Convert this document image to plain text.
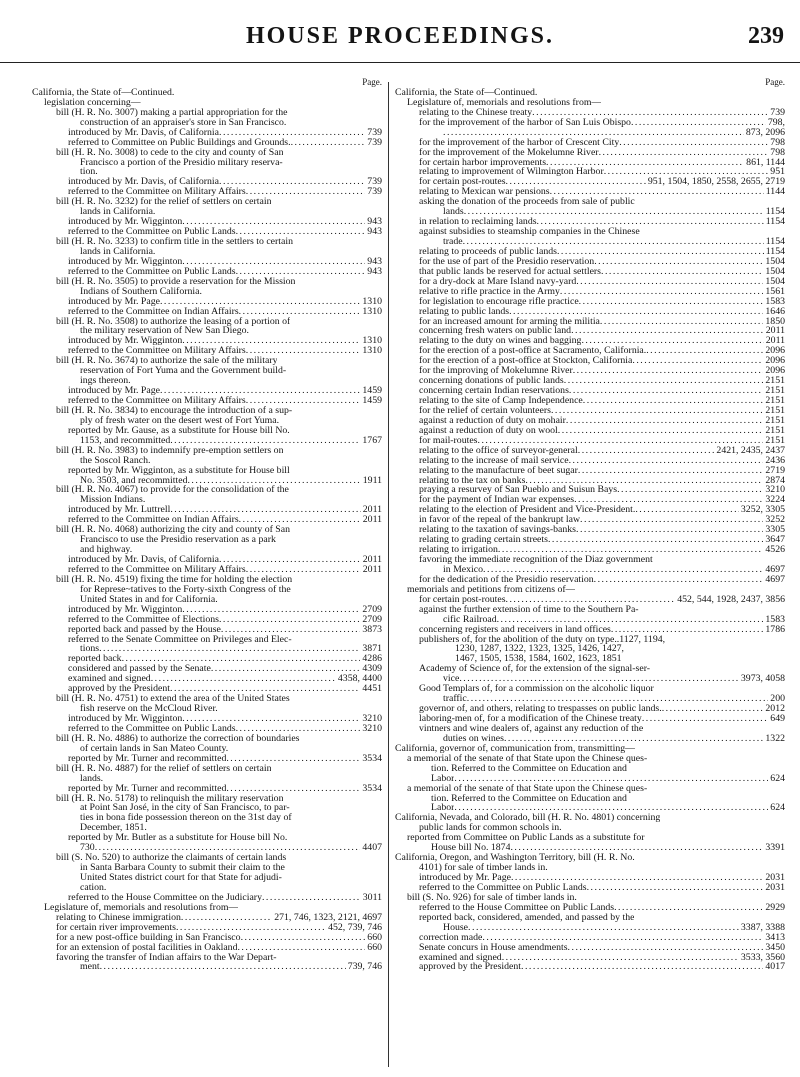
HOUSE PROCEEDINGS.	239
Page.
California, the State of—Continued.
legislation concerning—
bill (H. R. No. 3007) making a partial appropriation for the
construction of an appraiser's store in San Francisco.
introduced by Mr. Davis, of California .....	739
referred to Committee on Public Buildings and Grounds. .....	739
bill (H. R. No. 3008) to cede to the city and county of San
Francisco a portion of the Presidio military reserva-
tion.
introduced by Mr. Davis, of California .....	739
referred to the Committee on Military Affairs .....	739
bill (H. R. No. 3232) for the relief of settlers on certain
lands in California.
introduced by Mr. Wigginton .....	943
referred to the Committee on Public Lands .....	943
bill (H. R. No. 3233) to confirm title in the settlers to certain
lands in California.
introduced by Mr. Wigginton .....	943
referred to the Committee on Public Lands .....	943
bill (H. R. No. 3505) to provide a reservation for the Mission
Indians of Southern California.
introduced by Mr. Page .....	1310
referred to the Committee on Indian Affairs .....	1310
bill (H. R. No. 3508) to authorize the leasing of a portion of
the military reservation of New San Diego.
introduced by Mr. Wigginton .....	1310
referred to the Committee on Military Affairs .....	1310
bill (H. R. No. 3674) to authorize the sale of the military
reservation of Fort Yuma and the Government build-
ings thereon.
introduced by Mr. Page .....	1459
referred to the Committee on Military Affairs .....	1459
bill (H. R. No. 3834) to encourage the introduction of a sup-
ply of fresh water on the desert west of Fort Yuma.
reported by Mr. Gause, as a substitute for House bill No.
1153, and recommitted .....	1767
bill (H. R. No. 3983) to indemnify pre-emption settlers on
the Soscol Ranch.
reported by Mr. Wigginton, as a substitute for House bill
No. 3503, and recommitted .....	1911
bill (H. R. No. 4067) to provide for the consolidation of the
Mission Indians.
introduced by Mr. Luttrell .....	2011
referred to the Committee on Indian Affairs .....	2011
bill (H. R. No. 4068) authorizing the city and county of San
Francisco to use the Presidio reservation as a park
and highway.
introduced by Mr. Davis, of California .....	2011
referred to the Committee on Military Affairs .....	2011
bill (H. R. No. 4519) fixing the time for holding the election
for Represe~tatives to the Forty-sixth Congress of the
United States in and for California.
introduced by Mr. Wigginton .....	2709
referred to the Committee of Elections .....	2709
reported back and passed by the House .....	3873
referred to the Senate Committee on Privileges and Elec-
tions .....	3871
reported back .....	4286
considered and passed by the Senate .....	4309
examined and signed .....	4358, 4400
approved by the President .....	4451
bill (H. R. No. 4751) to extend the area of the United States
fish reserve on the McCloud River.
introduced by Mr. Wigginton .....	3210
referred to the Committee on Public Lands .....	3210
bill (H. R. No. 4886) to authorize the correction of boundaries
of certain lands in San Mateo County.
reported by Mr. Turner and recommitted .....	3534
bill (H. R. No. 4887) for the relief of settlers on certain
lands.
reported by Mr. Turner and recommitted .....	3534
bill (H. R. No. 5178) to relinquish the military reservation
at Point San José, in the city of San Francisco, to par-
ties in bona fide possession thereon on the 31st day of
December, 1851.
reported by Mr. Butler as a substitute for House bill No.
730 .....	4407
bill (S. No. 520) to authorize the claimants of certain lands
in Santa Barbara County to submit their claim to the
United States district court for that State for adjudi-
cation.
referred to the House Committee on the Judiciary .....	3011
Legislature of, memorials and resolutions from—
relating to Chinese immigration .....	271, 746, 1323, 2121, 4697
for certain river improvements .....	452, 739, 746
for a new post-office building in San Francisco .....	660
for an extension of postal facilities in Oakland .....	660
favoring the transfer of Indian affairs to the War Depart-
ment .....	739, 746
Page.
California, the State of—Continued.
Legislature of, memorials and resolutions from—
relating to the Chinese treaty .....	739
for the improvement of the harbor of San Luis Obispo .....	798,
.....
873, 2096
for the improvement of the harbor of Crescent City .....	798
for the improvement of the Mokelumne River .....	798
for certain harbor improvements .....	861, 1144
relating to improvement of Wilmington Harbor .....	951
for certain post-routes .....	951, 1504, 1850, 2558, 2655, 2719
relating to Mexican war pensions .....	1144
asking the donation of the proceeds from sale of public
lands .....	1154
in relation to reclaiming lands .....	1154
against subsidies to steamship companies in the Chinese
trade .....	1154
relating to proceeds of public lands .....	1154
for the use of part of the Presidio reservation .....	1504
that public lands be reserved for actual settlers .....	1504
for a dry-dock at Mare Island navy-yard .....	1504
relative to rifle practice in the Army .....	1561
for legislation to encourage rifle practice .....	1583
relating to public lands .....	1646
for an increased amount for arming the militia .....	1850
concerning fresh waters on public land .....	2011
relating to the duty on wines and bagging .....	2011
for the erection of a post-office at Sacramento, California. .....	2096
for the erection of a post-office at Stockton, California .....	2096
for the improving of Mokelumne River .....	2096
concerning donations of public lands .....	2151
concerning certain Indian reservations .....	2151
relating to the site of Camp Independence .....	2151
for the relief of certain volunteers .....	2151
against a reduction of duty on mohair .....	2151
against a reduction of duty on wool .....	2151
for mail-routes .....	2151
relating to the office of surveyor-general .....	2421, 2435, 2437
relating to the increase of mail service .....	2436
relating to the manufacture of beet sugar .....	2719
relating to the tax on banks .....	2874
praying a resurvey of San Pueblo and Suisun Bays .....	3210
for the payment of Indian war expenses .....	3224
relating to the election of President and Vice-President. .....	3252, 3305
in favor of the repeal of the bankrupt law .....	3252
relating to the taxation of savings-banks .....	3305
relating to grading certain streets .....	3647
relating to irrigation .....	4526
favoring the immediate recognition of the Diaz government
in Mexico .....	4697
for the dedication of the Presidio reservation .....	4697
memorials and petitions from citizens of—
for certain post-routes .....	452, 544, 1928, 2437, 3856
against the further extension of time to the Southern Pa-
cific Railroad .....	1583
concerning registers and receivers in land offices .....	1786
publishers of, for the abolition of the duty on type..1127, 1194,
1230, 1287, 1322, 1323, 1325, 1426, 1427,
1467, 1505, 1538, 1584, 1602, 1623, 1851
Academy of Science of, for the extension of the signal-ser-
vice .....	3973, 4058
Good Templars of, for a commission on the alcoholic liquor
traffic .....	200
governor of, and others, relating to trespasses on public lands. .....	2012
laboring-men of, for a modification of the Chinese treaty .....	649
vintners and wine dealers of, against any reduction of the
duties on wines .....	1322
California, governor of, communication from, transmitting—
a memorial of the senate of that State upon the Chinese ques-
tion. Referred to the Committee on Education and
Labor .....	624
a memorial of the senate of that State upon the Chinese ques-
tion. Referred to the Committee on Education and
Labor .....	624
California, Nevada, and Colorado, bill (H. R. No. 4801) concerning
public lands for common schools in.
reported from Committee on Public Lands as a substitute for
House bill No. 1874 .....	3391
California, Oregon, and Washington Territory, bill (H. R. No.
4101) for sale of timber lands in.
introduced by Mr. Page .....	2031
referred to the Committee on Public Lands .....	2031
bill (S. No. 926) for sale of timber lands in.
referred to the House Committee on Public Lands .....	2929
reported back, considered, amended, and passed by the
House .....	3387, 3388
correction made .....	3413
Senate concurs in House amendments .....	3450
examined and signed .....	3533, 3560
approved by the President .....	4017
